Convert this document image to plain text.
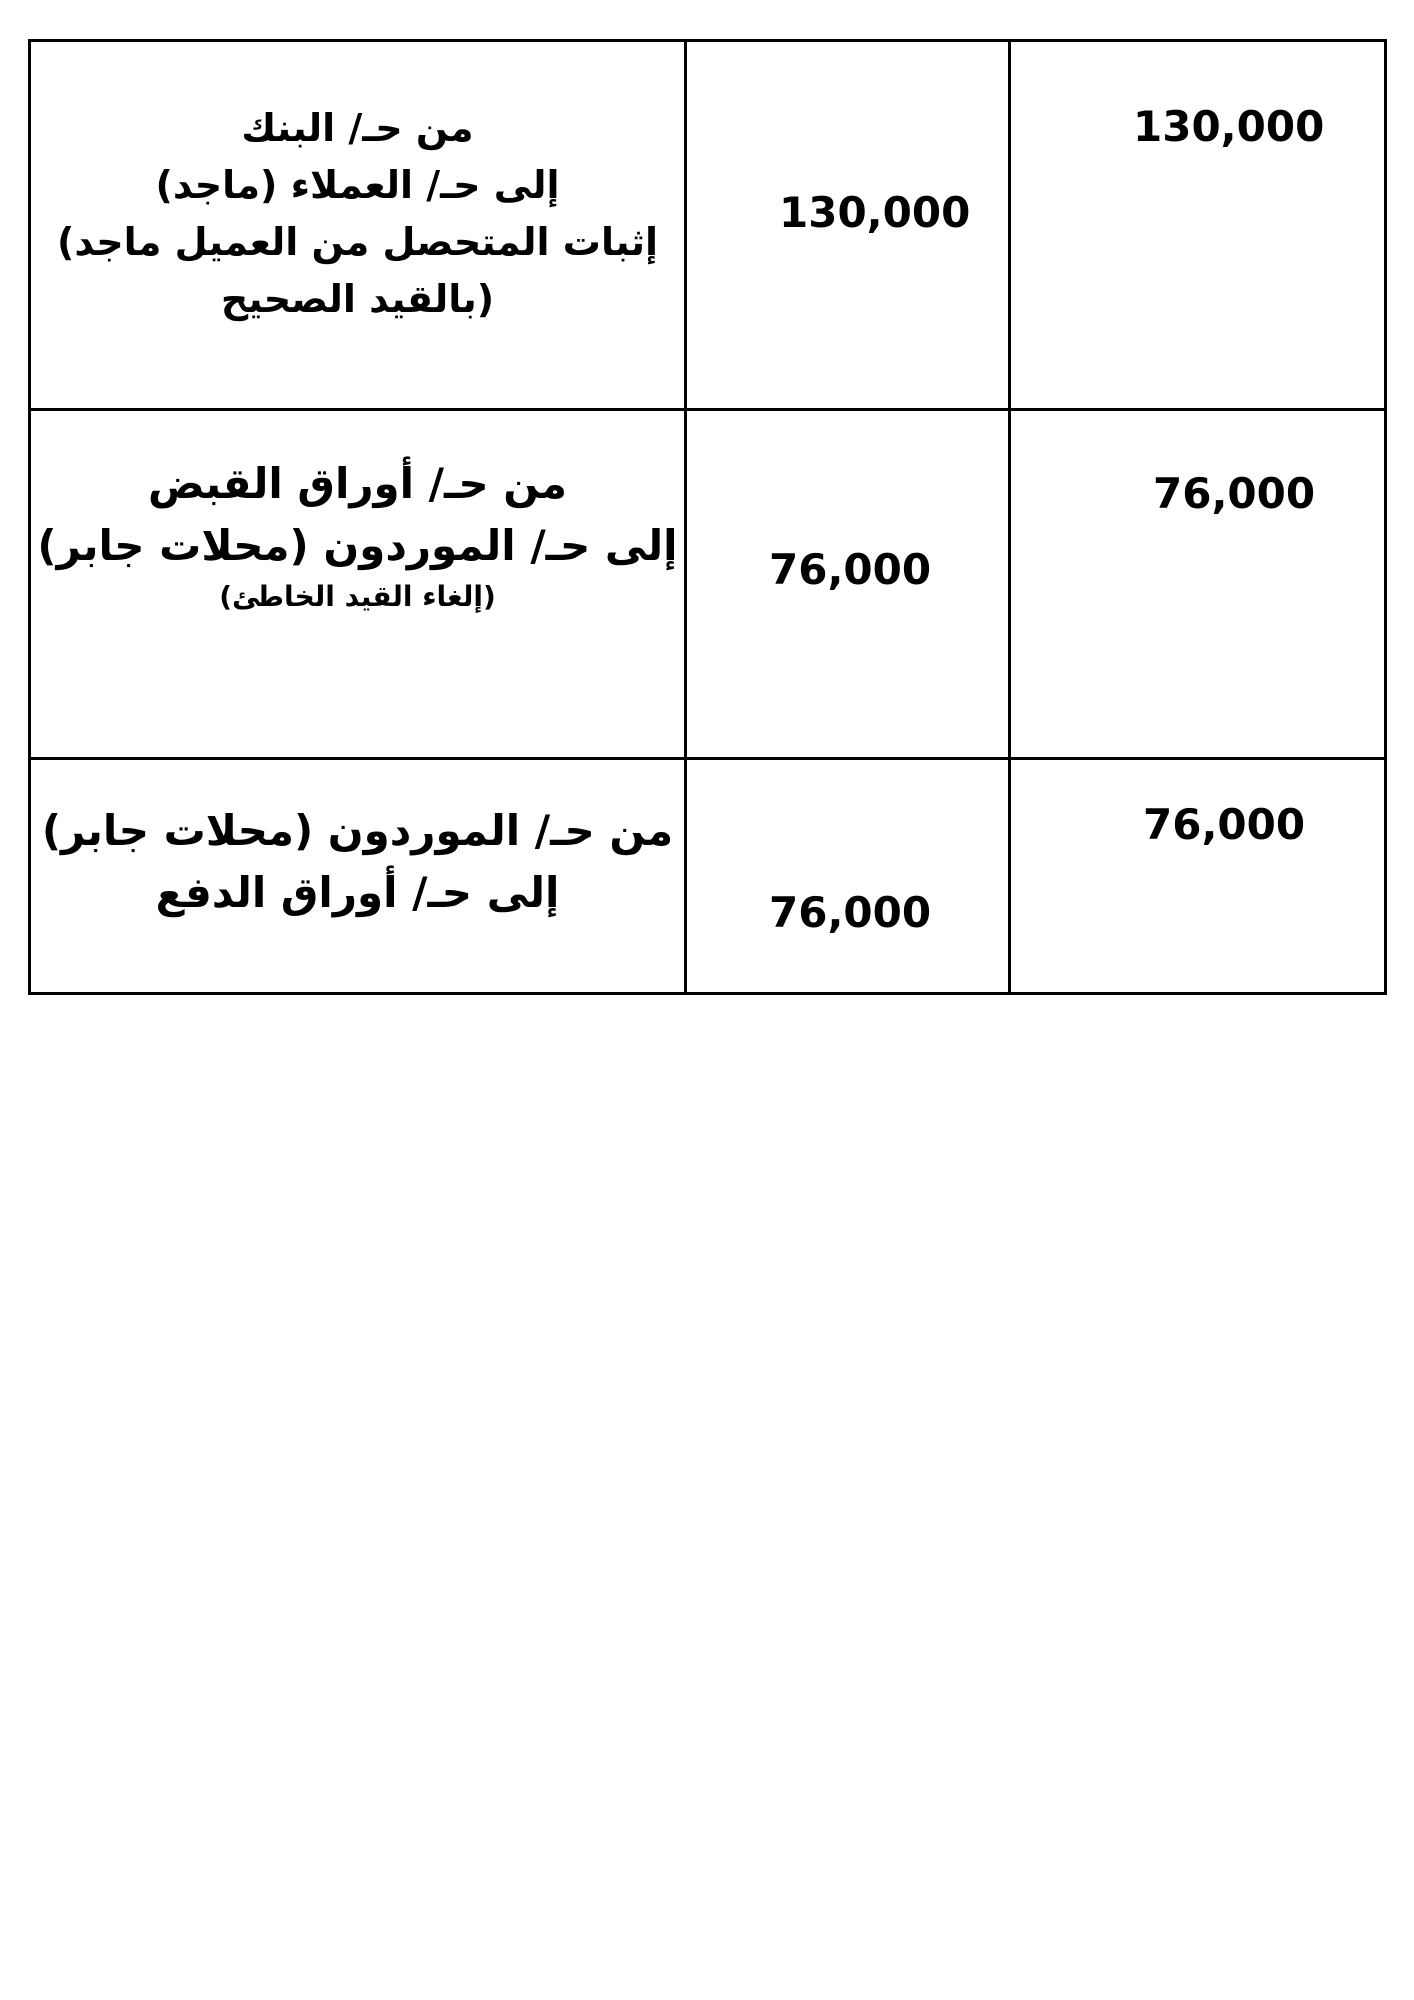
من حـ/ البنك
إلى حـ/ العملاء (ماجد)
إثبات المتحصل من العميل ماجد)
(بالقيد الصحيح	130,000	130,000

من حـ/ أوراق القبض
إلى حـ/ الموردون (محلات جابر)
(إلغاء القيد الخاطئ)	76,000	76,000

من حـ/ الموردون (محلات جابر)
إلى حـ/ أوراق الدفع	76,000	76,000
